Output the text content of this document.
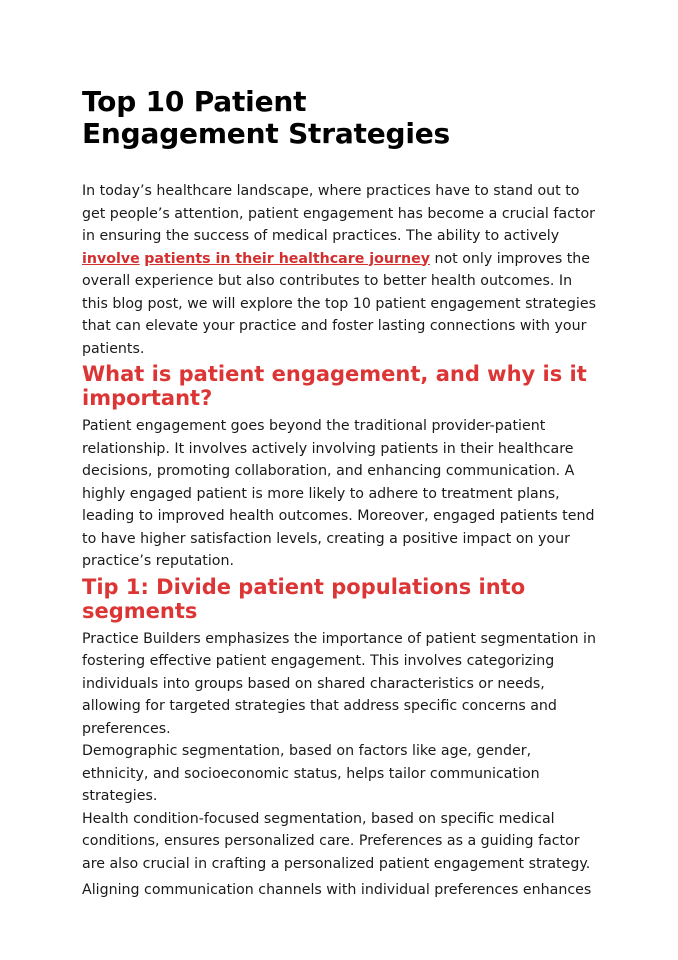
Top 10 Patient
Engagement Strategies

In today’s healthcare landscape, where practices have to stand out to get people’s attention, patient engagement has become a crucial factor in ensuring the success of medical practices. The ability to actively involve patients in their healthcare journey not only improves the overall experience but also contributes to better health outcomes. In this blog post, we will explore the top 10 patient engagement strategies that can elevate your practice and foster lasting connections with your patients.

What is patient engagement, and why is it important?

Patient engagement goes beyond the traditional provider-patient relationship. It involves actively involving patients in their healthcare decisions, promoting collaboration, and enhancing communication. A highly engaged patient is more likely to adhere to treatment plans, leading to improved health outcomes. Moreover, engaged patients tend to have higher satisfaction levels, creating a positive impact on your practice’s reputation.

Tip 1: Divide patient populations into segments

Practice Builders emphasizes the importance of patient segmentation in fostering effective patient engagement. This involves categorizing individuals into groups based on shared characteristics or needs, allowing for targeted strategies that address specific concerns and preferences.

Demographic segmentation, based on factors like age, gender, ethnicity, and socioeconomic status, helps tailor communication strategies.

Health condition-focused segmentation, based on specific medical conditions, ensures personalized care. Preferences as a guiding factor are also crucial in crafting a personalized patient engagement strategy.

Aligning communication channels with individual preferences enhances
